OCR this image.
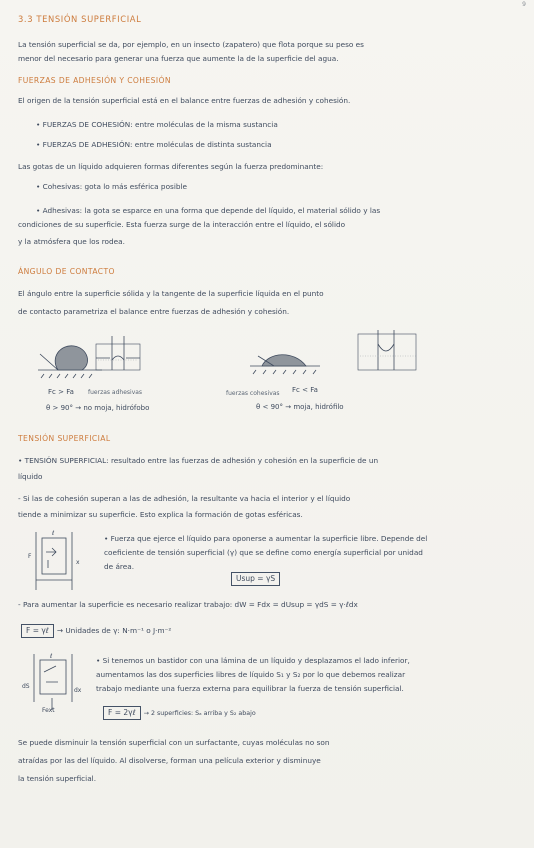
9
3.3 TENSIÓN SUPERFICIAL
La tensión superficial se da, por ejemplo, en un insecto (zapatero) que flota porque su peso es
menor del necesario para generar una fuerza que aumente la de la superficie del agua.
FUERZAS DE ADHESIÓN Y COHESIÓN
El origen de la tensión superficial está en el balance entre fuerzas de adhesión y cohesión.
• FUERZAS DE COHESIÓN: entre moléculas de la misma sustancia
• FUERZAS DE ADHESIÓN: entre moléculas de distinta sustancia
Las gotas de un líquido adquieren formas diferentes según la fuerza predominante:
• Cohesivas: gota lo más esférica posible
• Adhesivas: la gota se esparce en una forma que depende del líquido, el material sólido y las
condiciones de su superficie. Esta fuerza surge de la interacción entre el líquido, el sólido
y la atmósfera que los rodea.
ÁNGULO DE CONTACTO
El ángulo entre la superficie sólida y la tangente de la superficie líquida en el punto
de contacto parametriza el balance entre fuerzas de adhesión y cohesión.
Fc > Fa fuerzas adhesivas
θ > 90° → no moja, hidrófobo
fuerzas cohesivas Fc < Fa
θ < 90° → moja, hidrófilo
TENSIÓN SUPERFICIAL
• TENSIÓN SUPERFICIAL: resultado entre las fuerzas de adhesión y cohesión en la superficie de un
líquido
- Si las de cohesión superan a las de adhesión, la resultante va hacia el interior y el líquido
tiende a minimizar su superficie. Esto explica la formación de gotas esféricas.
ℓ
x
F
• Fuerza que ejerce el líquido para oponerse a aumentar la superficie libre. Depende del
coeficiente de tensión superficial (γ) que se define como energía superficial por unidad
de área.
Usup = γS
- Para aumentar la superficie es necesario realizar trabajo: dW = Fdx = dUsup = γdS = γ·ℓdx
F = γℓ → Unidades de γ: N·m⁻¹ o J·m⁻²
ℓ
dS
dx
Fext
• Si tenemos un bastidor con una lámina de un líquido y desplazamos el lado inferior,
aumentamos las dos superficies libres de líquido S₁ y S₂ por lo que debemos realizar
trabajo mediante una fuerza externa para equilibrar la fuerza de tensión superficial.
F = 2γℓ → 2 superficies: Sₐ arriba y S₂ abajo
Se puede disminuir la tensión superficial con un surfactante, cuyas moléculas no son
atraídas por las del líquido. Al disolverse, forman una película exterior y disminuye
la tensión superficial.
